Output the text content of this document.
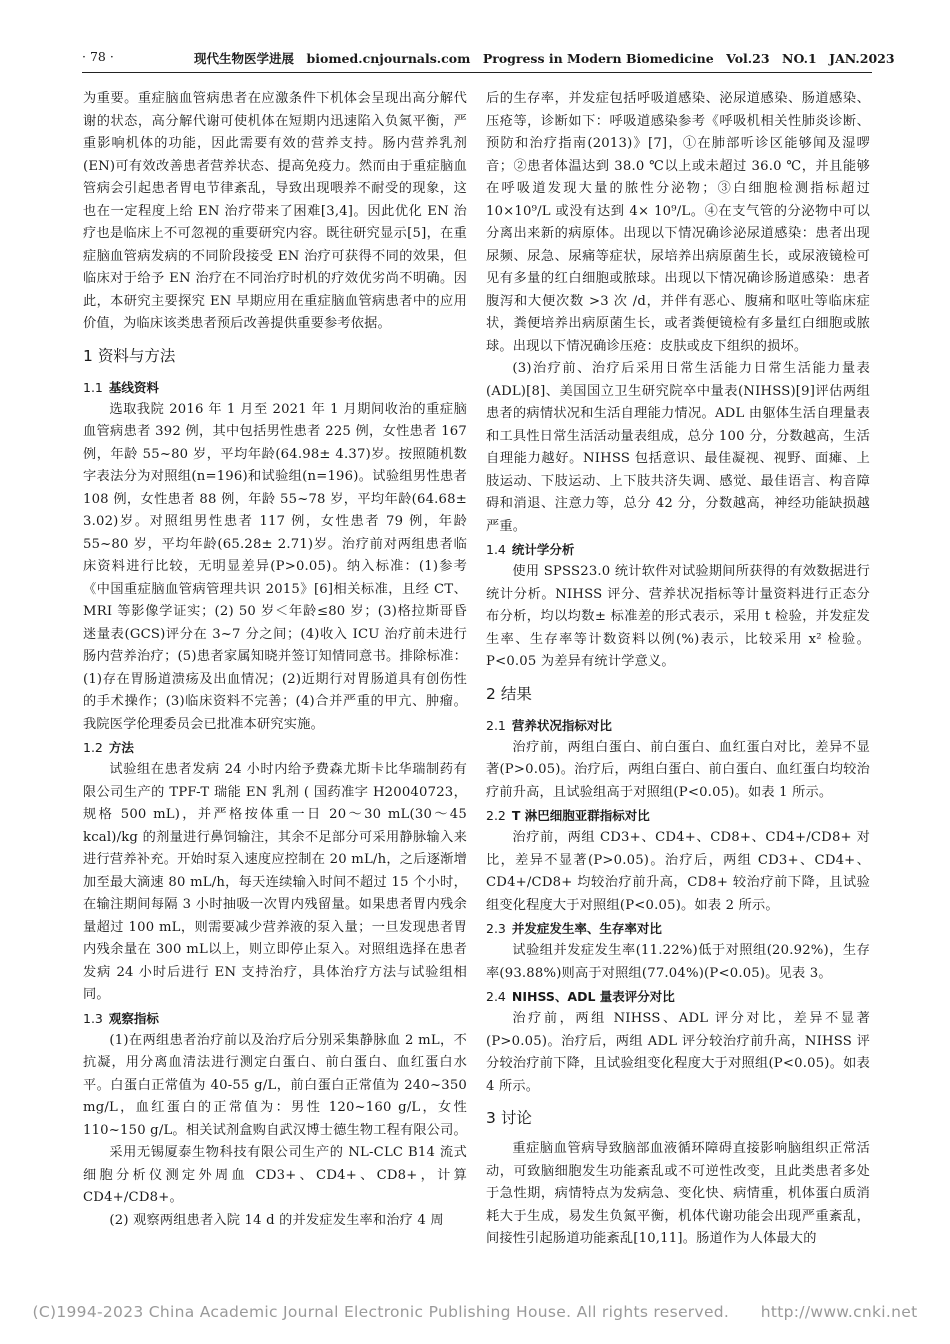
· 78 ·	现代生物医学进展　biomed.cnjournals.com　Progress in Modern Biomedicine　Vol.23　NO.1　JAN.2023

为重要。重症脑血管病患者在应激条件下机体会呈现出高分解代谢的状态，高分解代谢可使机体在短期内迅速陷入负氮平衡，严重影响机体的功能，因此需要有效的营养支持。肠内营养乳剂(EN)可有效改善患者营养状态、提高免疫力。然而由于重症脑血管病会引起患者胃电节律紊乱，导致出现喂养不耐受的现象，这也在一定程度上给 EN 治疗带来了困难[3,4]。因此优化 EN 治疗也是临床上不可忽视的重要研究内容。既往研究显示[5]，在重症脑血管病发病的不同阶段接受 EN 治疗可获得不同的效果，但临床对于给予 EN 治疗在不同治疗时机的疗效优劣尚不明确。因此，本研究主要探究 EN 早期应用在重症脑血管病患者中的应用价值，为临床该类患者预后改善提供重要参考依据。

1 资料与方法
1.1 基线资料

选取我院 2016 年 1 月至 2021 年 1 月期间收治的重症脑血管病患者 392 例，其中包括男性患者 225 例，女性患者 167 例，年龄 55~80 岁，平均年龄(64.98± 4.37)岁。按照随机数字表法分为对照组(n=196)和试验组(n=196)。试验组男性患者 108 例，女性患者 88 例，年龄 55~78 岁，平均年龄(64.68± 3.02)岁。对照组男性患者 117 例，女性患者 79 例，年龄 55~80 岁，平均年龄(65.28± 2.71)岁。治疗前对两组患者临床资料进行比较，无明显差异(P>0.05)。纳入标准：(1)参考《中国重症脑血管病管理共识 2015》[6]相关标准，且经 CT、MRI 等影像学证实；(2) 50 岁＜年龄≤80 岁；(3)格拉斯哥昏迷量表(GCS)评分在 3~7 分之间；(4)收入 ICU 治疗前未进行肠内营养治疗；(5)患者家属知晓并签订知情同意书。排除标准：(1)存在胃肠道溃疡及出血情况；(2)近期行对胃肠道具有创伤性的手术操作；(3)临床资料不完善；(4)合并严重的甲亢、肿瘤。我院医学伦理委员会已批准本研究实施。

1.2 方法

试验组在患者发病 24 小时内给予费森尤斯卡比华瑞制药有限公司生产的 TPF-T 瑞能 EN 乳剂 ( 国药准字 H20040723，规格 500 mL)，并严格按体重一日 20～30 mL(30～45 kcal)/kg 的剂量进行鼻饲输注，其余不足部分可采用静脉输入来进行营养补充。开始时泵入速度应控制在 20 mL/h，之后逐渐增加至最大滴速 80 mL/h，每天连续输入时间不超过 15 个小时，在输注期间每隔 3 小时抽吸一次胃内残留量。如果患者胃内残余量超过 100 mL，则需要减少营养液的泵入量；一旦发现患者胃内残余量在 300 mL以上，则立即停止泵入。对照组选择在患者发病 24 小时后进行 EN 支持治疗，具体治疗方法与试验组相同。

1.3 观察指标

(1)在两组患者治疗前以及治疗后分别采集静脉血 2 mL，不抗凝，用分离血清法进行测定白蛋白、前白蛋白、血红蛋白水平。白蛋白正常值为 40-55 g/L，前白蛋白正常值为 240~350 mg/L，血红蛋白的正常值为：男性 120~160 g/L，女性 110~150 g/L。相关试剂盒购自武汉博士德生物工程有限公司。

采用无锡厦泰生物科技有限公司生产的 NL-CLC B14 流式细胞分析仪测定外周血 CD3+、CD4+、CD8+，计算 CD4+/CD8+。

(2) 观察两组患者入院 14 d 的并发症发生率和治疗 4 周

后的生存率，并发症包括呼吸道感染、泌尿道感染、肠道感染、压疮等，诊断如下：呼吸道感染参考《呼吸机相关性肺炎诊断、预防和治疗指南(2013)》[7]，①在肺部听诊区能够闻及湿啰音；②患者体温达到 38.0 ℃以上或未超过 36.0 ℃，并且能够在呼吸道发现大量的脓性分泌物；③白细胞检测指标超过 10×10⁹/L 或没有达到 4× 10⁹/L。④在支气管的分泌物中可以分离出来新的病原体。出现以下情况确诊泌尿道感染：患者出现尿频、尿急、尿痛等症状，尿培养出病原菌生长，或尿液镜检可见有多量的红白细胞或脓球。出现以下情况确诊肠道感染：患者腹泻和大便次数 >3 次 /d，并伴有恶心、腹痛和呕吐等临床症状，粪便培养出病原菌生长，或者粪便镜检有多量红白细胞或脓球。出现以下情况确诊压疮：皮肤或皮下组织的损坏。

(3)治疗前、治疗后采用日常生活能力日常生活能力量表(ADL)[8]、美国国立卫生研究院卒中量表(NIHSS)[9]评估两组患者的病情状况和生活自理能力情况。ADL 由躯体生活自理量表和工具性日常生活活动量表组成，总分 100 分，分数越高，生活自理能力越好。NIHSS 包括意识、最佳凝视、视野、面瘫、上肢运动、下肢运动、上下肢共济失调、感觉、最佳语言、构音障碍和消退、注意力等，总分 42 分，分数越高，神经功能缺损越严重。

1.4 统计学分析

使用 SPSS23.0 统计软件对试验期间所获得的有效数据进行统计分析。NIHSS 评分、营养状况指标等计量资料进行正态分布分析，均以均数± 标准差的形式表示，采用 t 检验，并发症发生率、生存率等计数资料以例(%)表示，比较采用 x² 检验。P<0.05 为差异有统计学意义。

2 结果
2.1 营养状况指标对比

治疗前，两组白蛋白、前白蛋白、血红蛋白对比，差异不显著(P>0.05)。治疗后，两组白蛋白、前白蛋白、血红蛋白均较治疗前升高，且试验组高于对照组(P<0.05)。如表 1 所示。

2.2 T 淋巴细胞亚群指标对比

治疗前，两组 CD3+、CD4+、CD8+、CD4+/CD8+ 对比，差异不显著(P>0.05)。治疗后，两组 CD3+、CD4+、CD4+/CD8+ 均较治疗前升高，CD8+ 较治疗前下降，且试验组变化程度大于对照组(P<0.05)。如表 2 所示。

2.3 并发症发生率、生存率对比

试验组并发症发生率(11.22%)低于对照组(20.92%)，生存率(93.88%)则高于对照组(77.04%)(P<0.05)。见表 3。

2.4 NIHSS、ADL 量表评分对比

治疗前，两组 NIHSS、ADL 评分对比，差异不显著(P>0.05)。治疗后，两组 ADL 评分较治疗前升高，NIHSS 评分较治疗前下降，且试验组变化程度大于对照组(P<0.05)。如表 4 所示。

3 讨论

重症脑血管病导致脑部血液循环障碍直接影响脑组织正常活动，可致脑细胞发生功能紊乱或不可逆性改变，且此类患者多处于急性期，病情特点为发病急、变化快、病情重，机体蛋白质消耗大于生成，易发生负氮平衡，机体代谢功能会出现严重紊乱，间接性引起肠道功能紊乱[10,11]。肠道作为人体最大的

(C)1994-2023 China Academic Journal Electronic Publishing House. All rights reserved.　　http://www.cnki.net
